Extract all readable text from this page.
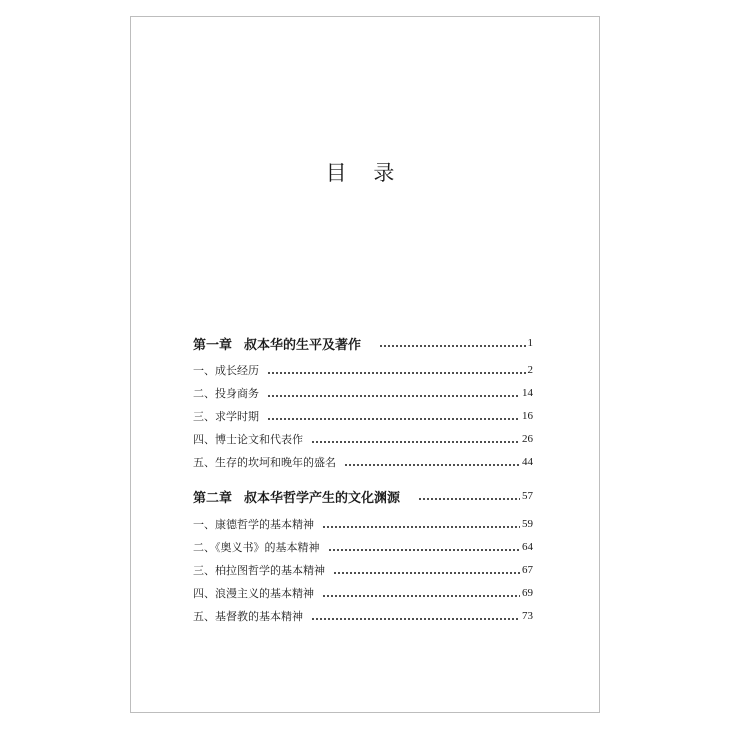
目 录
第一章 叔本华的生平及著作	1
一、成长经历	2
二、投身商务	14
三、求学时期	16
四、博士论文和代表作	26
五、生存的坎坷和晚年的盛名	44
第二章 叔本华哲学产生的文化渊源	57
一、康德哲学的基本精神	59
二、《奥义书》的基本精神	64
三、柏拉图哲学的基本精神	67
四、浪漫主义的基本精神	69
五、基督教的基本精神	73
